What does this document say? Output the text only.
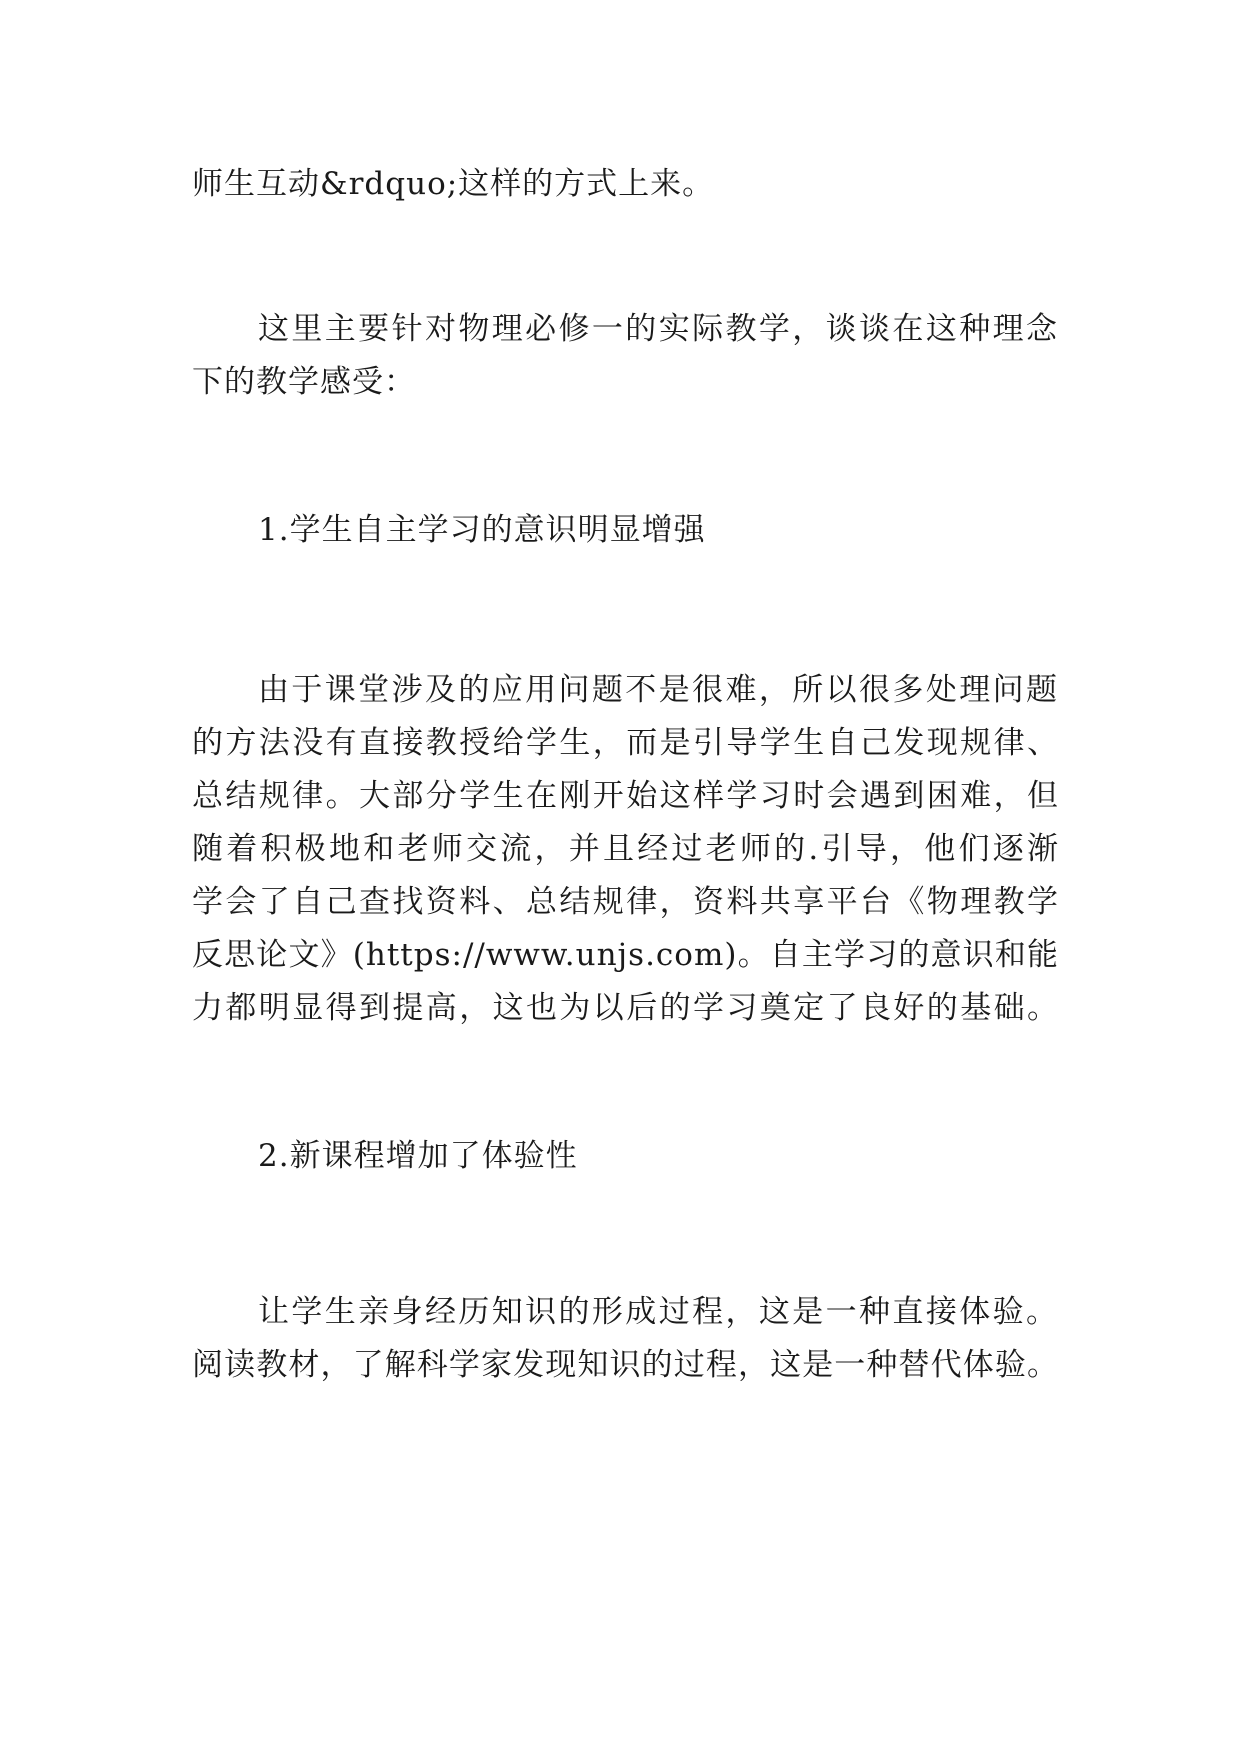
师生互动&rdquo;这样的方式上来。
这里主要针对物理必修一的实际教学，谈谈在这种理念
下的教学感受：
1.学生自主学习的意识明显增强
由于课堂涉及的应用问题不是很难，所以很多处理问题
的方法没有直接教授给学生，而是引导学生自己发现规律、
总结规律。大部分学生在刚开始这样学习时会遇到困难，但
随着积极地和老师交流，并且经过老师的.引导，他们逐渐
学会了自己查找资料、总结规律，资料共享平台《物理教学
反思论文》(https://www.unjs.com)。自主学习的意识和能
力都明显得到提高，这也为以后的学习奠定了良好的基础。
2.新课程增加了体验性
让学生亲身经历知识的形成过程，这是一种直接体验。
阅读教材，了解科学家发现知识的过程，这是一种替代体验。
